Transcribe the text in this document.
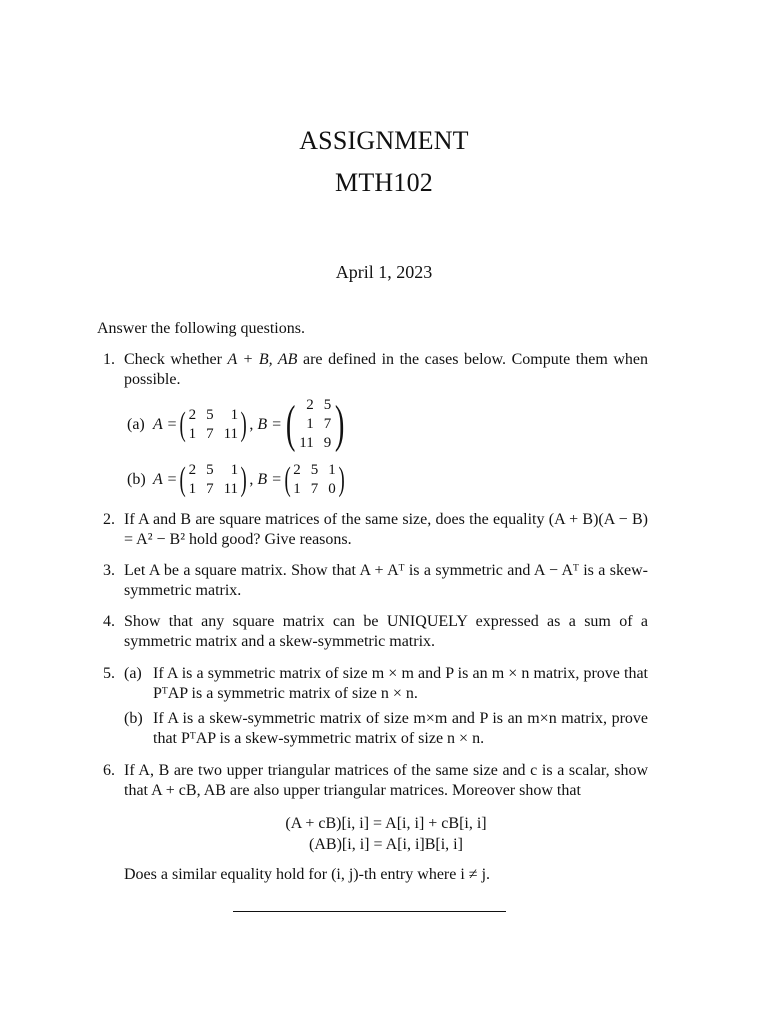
ASSIGNMENT
MTH102
April 1, 2023
Answer the following questions.
1. Check whether A + B, AB are defined in the cases below. Compute them when possible.
(a) A = ( 2 5	1
1 7 11 ) , B = ( 2 5
1 7
11 9 )
(b) A = ( 2 5	1
1 7 11 ) , B = ( 2 5 1
1 7 0 )
2. If A and B are square matrices of the same size, does the equality (A + B)(A − B) = A² − B² hold good? Give reasons.
3. Let A be a square matrix. Show that A + Aᵀ is a symmetric and A − Aᵀ is a skew-symmetric matrix.
4. Show that any square matrix can be UNIQUELY expressed as a sum of a symmetric matrix and a skew-symmetric matrix.
5. (a) If A is a symmetric matrix of size m × m and P is an m × n matrix, prove that PᵀAP is a symmetric matrix of size n × n.
(b) If A is a skew-symmetric matrix of size m×m and P is an m×n matrix, prove that PᵀAP is a skew-symmetric matrix of size n × n.
6. If A, B are two upper triangular matrices of the same size and c is a scalar, show that A + cB, AB are also upper triangular matrices. Moreover show that
(A + cB)[i, i] = A[i, i] + cB[i, i]
(AB)[i, i] = A[i, i]B[i, i]
Does a similar equality hold for (i, j)-th entry where i ≠ j.
